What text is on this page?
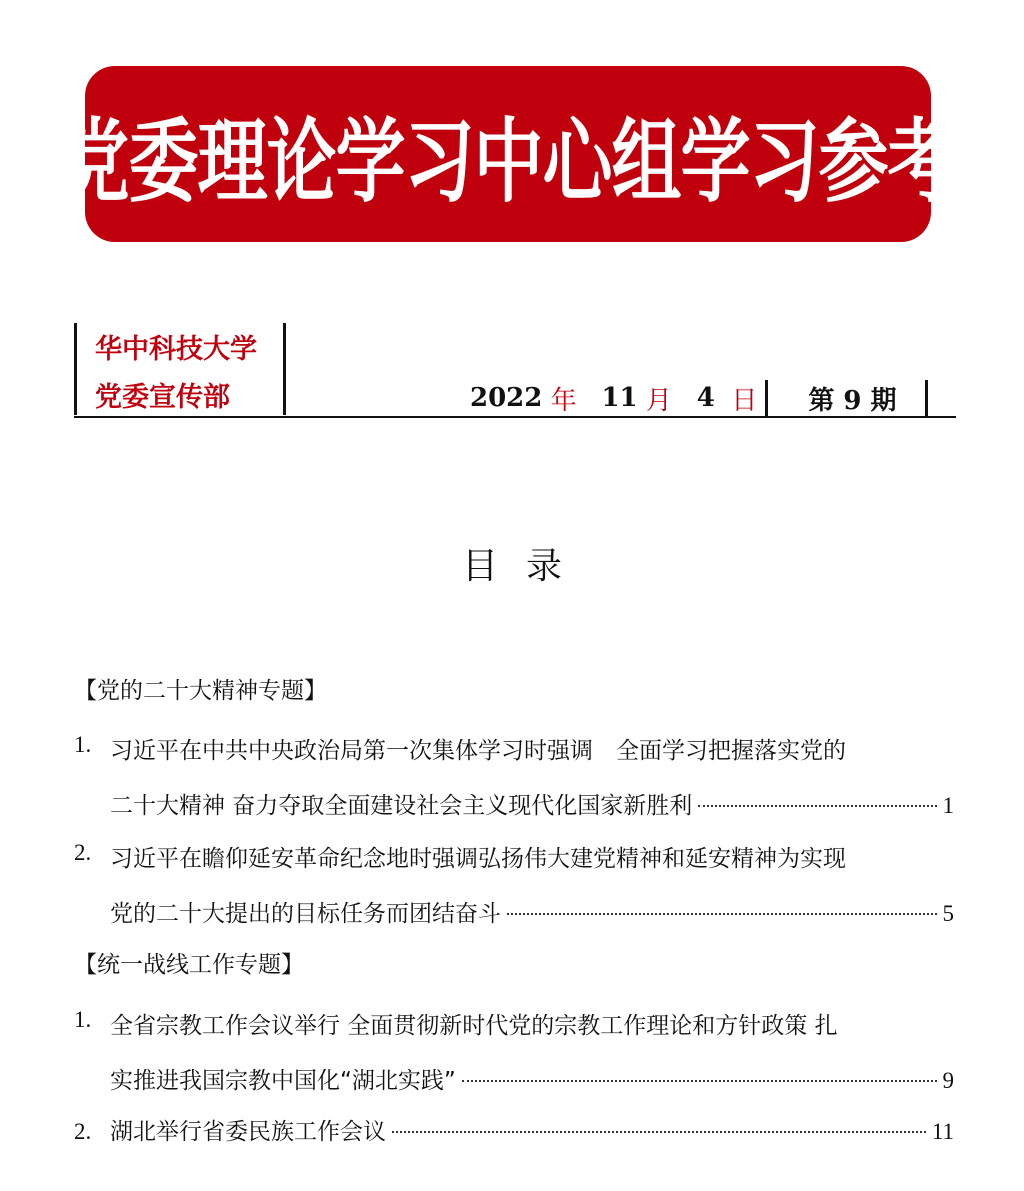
党委理论学习中心组学习参考
华中科技大学
党委宣传部	2022
年
11
月
4
日 第 9 期
目录
【党的二十大精神专题】
1. 习近平在中共中央政治局第一次集体学习时强调　全面学习把握落实党的
二十大精神 奋力夺取全面建设社会主义现代化国家新胜利	1
2. 习近平在瞻仰延安革命纪念地时强调弘扬伟大建党精神和延安精神为实现
党的二十大提出的目标任务而团结奋斗	5
【统一战线工作专题】
1. 全省宗教工作会议举行 全面贯彻新时代党的宗教工作理论和方针政策 扎
实推进我国宗教中国化“湖北实践”	9
2. 湖北举行省委民族工作会议	11
